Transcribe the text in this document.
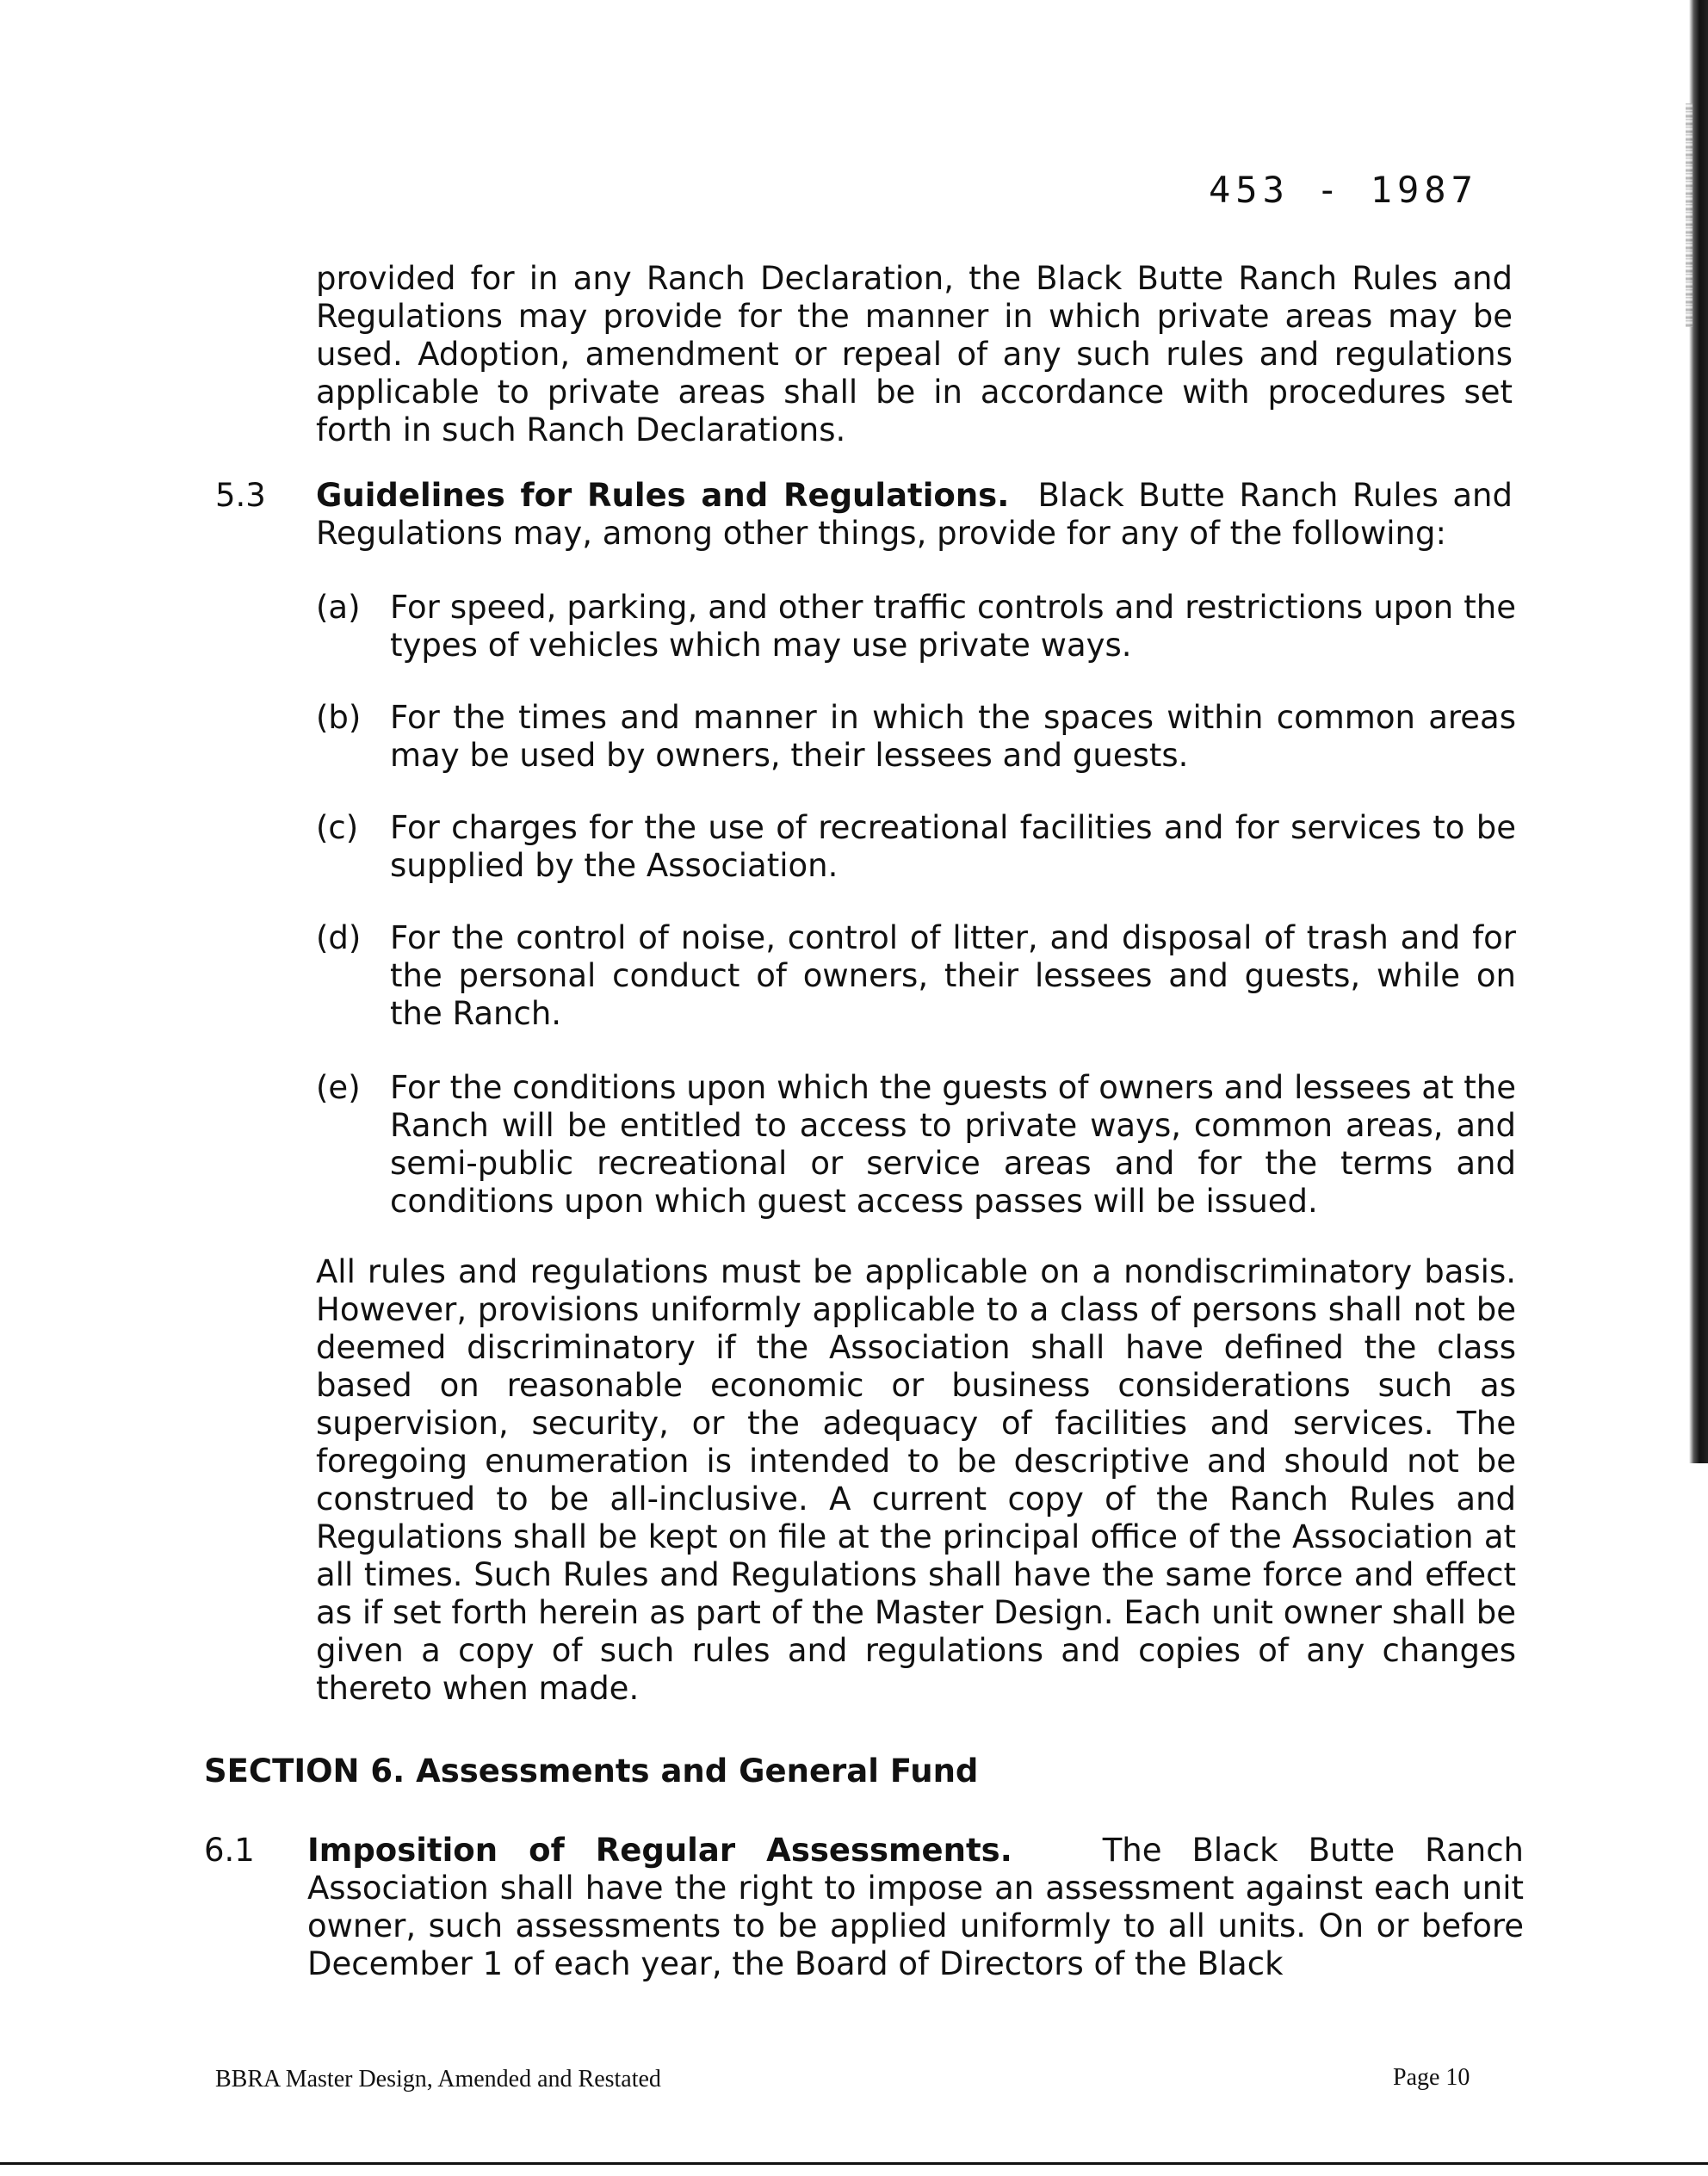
453 - 1987

provided for in any Ranch Declaration, the Black Butte Ranch Rules and Regulations may provide for the manner in which private areas may be used. Adoption, amendment or repeal of any such rules and regulations applicable to private areas shall be in accordance with procedures set forth in such Ranch Declarations.

5.3 Guidelines for Rules and Regulations. Black Butte Ranch Rules and Regulations may, among other things, provide for any of the following:

(a) For speed, parking, and other traffic controls and restrictions upon the types of vehicles which may use private ways.

(b) For the times and manner in which the spaces within common areas may be used by owners, their lessees and guests.

(c) For charges for the use of recreational facilities and for services to be supplied by the Association.

(d) For the control of noise, control of litter, and disposal of trash and for the personal conduct of owners, their lessees and guests, while on the Ranch.

(e) For the conditions upon which the guests of owners and lessees at the Ranch will be entitled to access to private ways, common areas, and semi-public recreational or service areas and for the terms and conditions upon which guest access passes will be issued.

All rules and regulations must be applicable on a nondiscriminatory basis. However, provisions uniformly applicable to a class of persons shall not be deemed discriminatory if the Association shall have defined the class based on reasonable economic or business considerations such as supervision, security, or the adequacy of facilities and services. The foregoing enumeration is intended to be descriptive and should not be construed to be all-inclusive. A current copy of the Ranch Rules and Regulations shall be kept on file at the principal office of the Association at all times. Such Rules and Regulations shall have the same force and effect as if set forth herein as part of the Master Design. Each unit owner shall be given a copy of such rules and regulations and copies of any changes thereto when made.

SECTION 6. Assessments and General Fund

6.1 Imposition of Regular Assessments.	The Black Butte Ranch Association shall have the right to impose an assessment against each unit owner, such assessments to be applied uniformly to all units. On or before December 1 of each year, the Board of Directors of the Black

BBRA Master Design, Amended and Restated	Page 10
